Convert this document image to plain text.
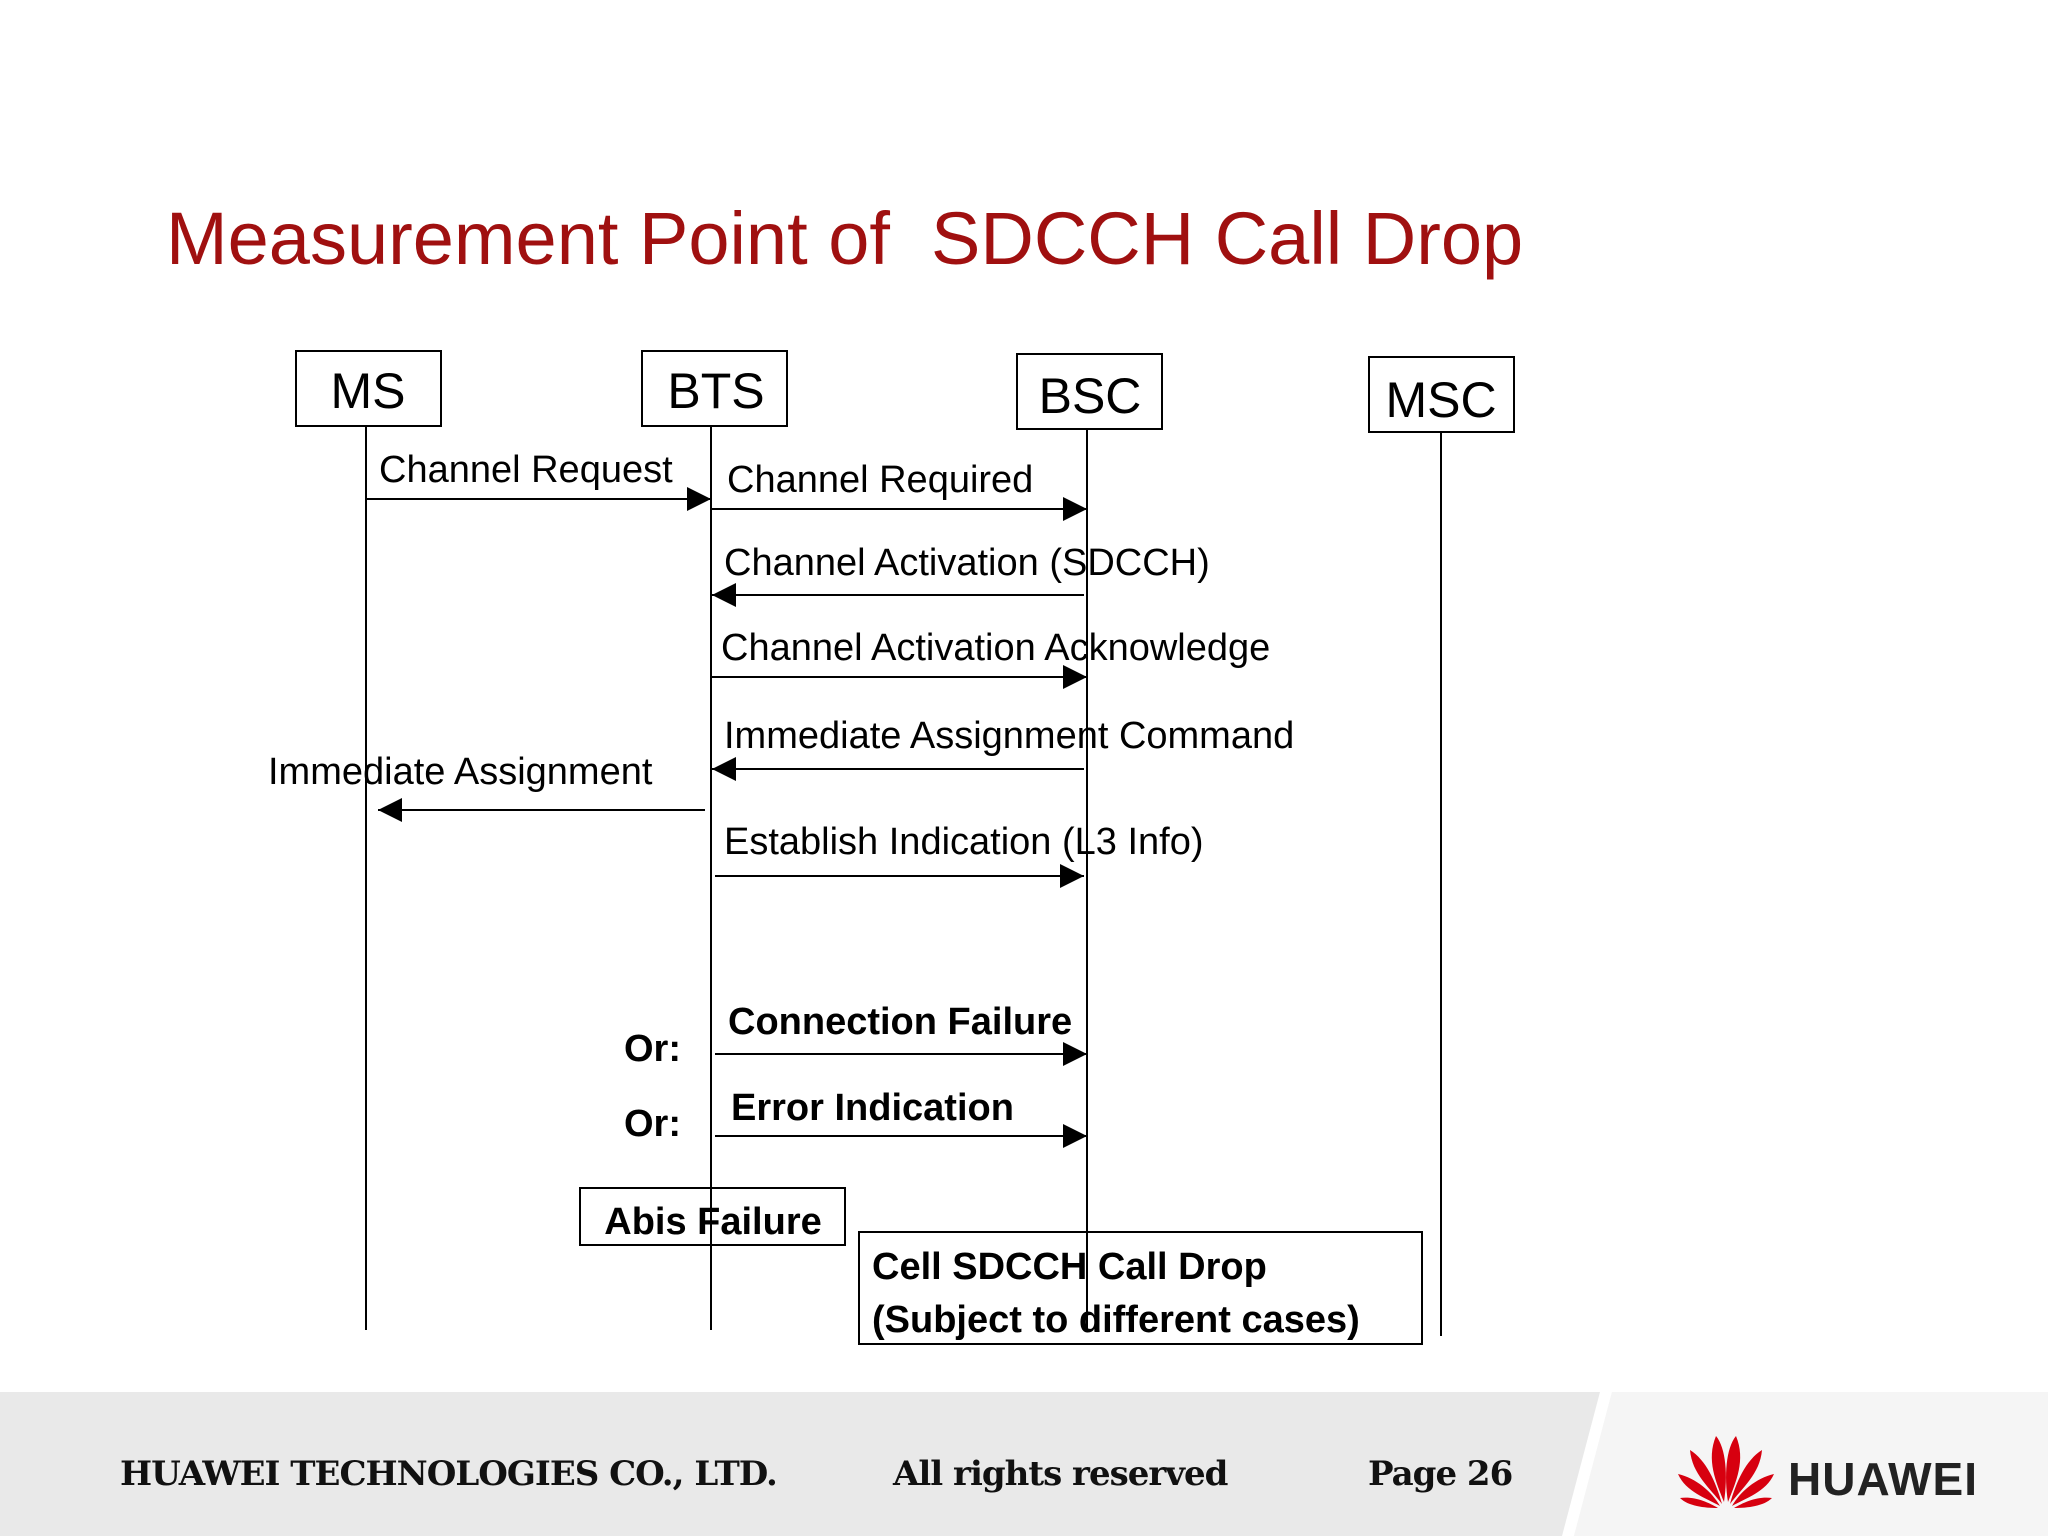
Measurement Point of  SDCCH Call Drop
MS	BTS	BSC	MSC
Channel Request Channel Required
Channel Activation (SDCCH)
Channel Activation Acknowledge
Immediate Assignment Command
Immediate Assignment
Establish Indication (L3 Info)
Connection Failure
Or:
Error Indication
Or:
Abis Failure
Cell SDCCH Call Drop
(Subject to different cases)
HUAWEI TECHNOLOGIES CO., LTD.	All rights reserved	Page 26	HUAWEI
